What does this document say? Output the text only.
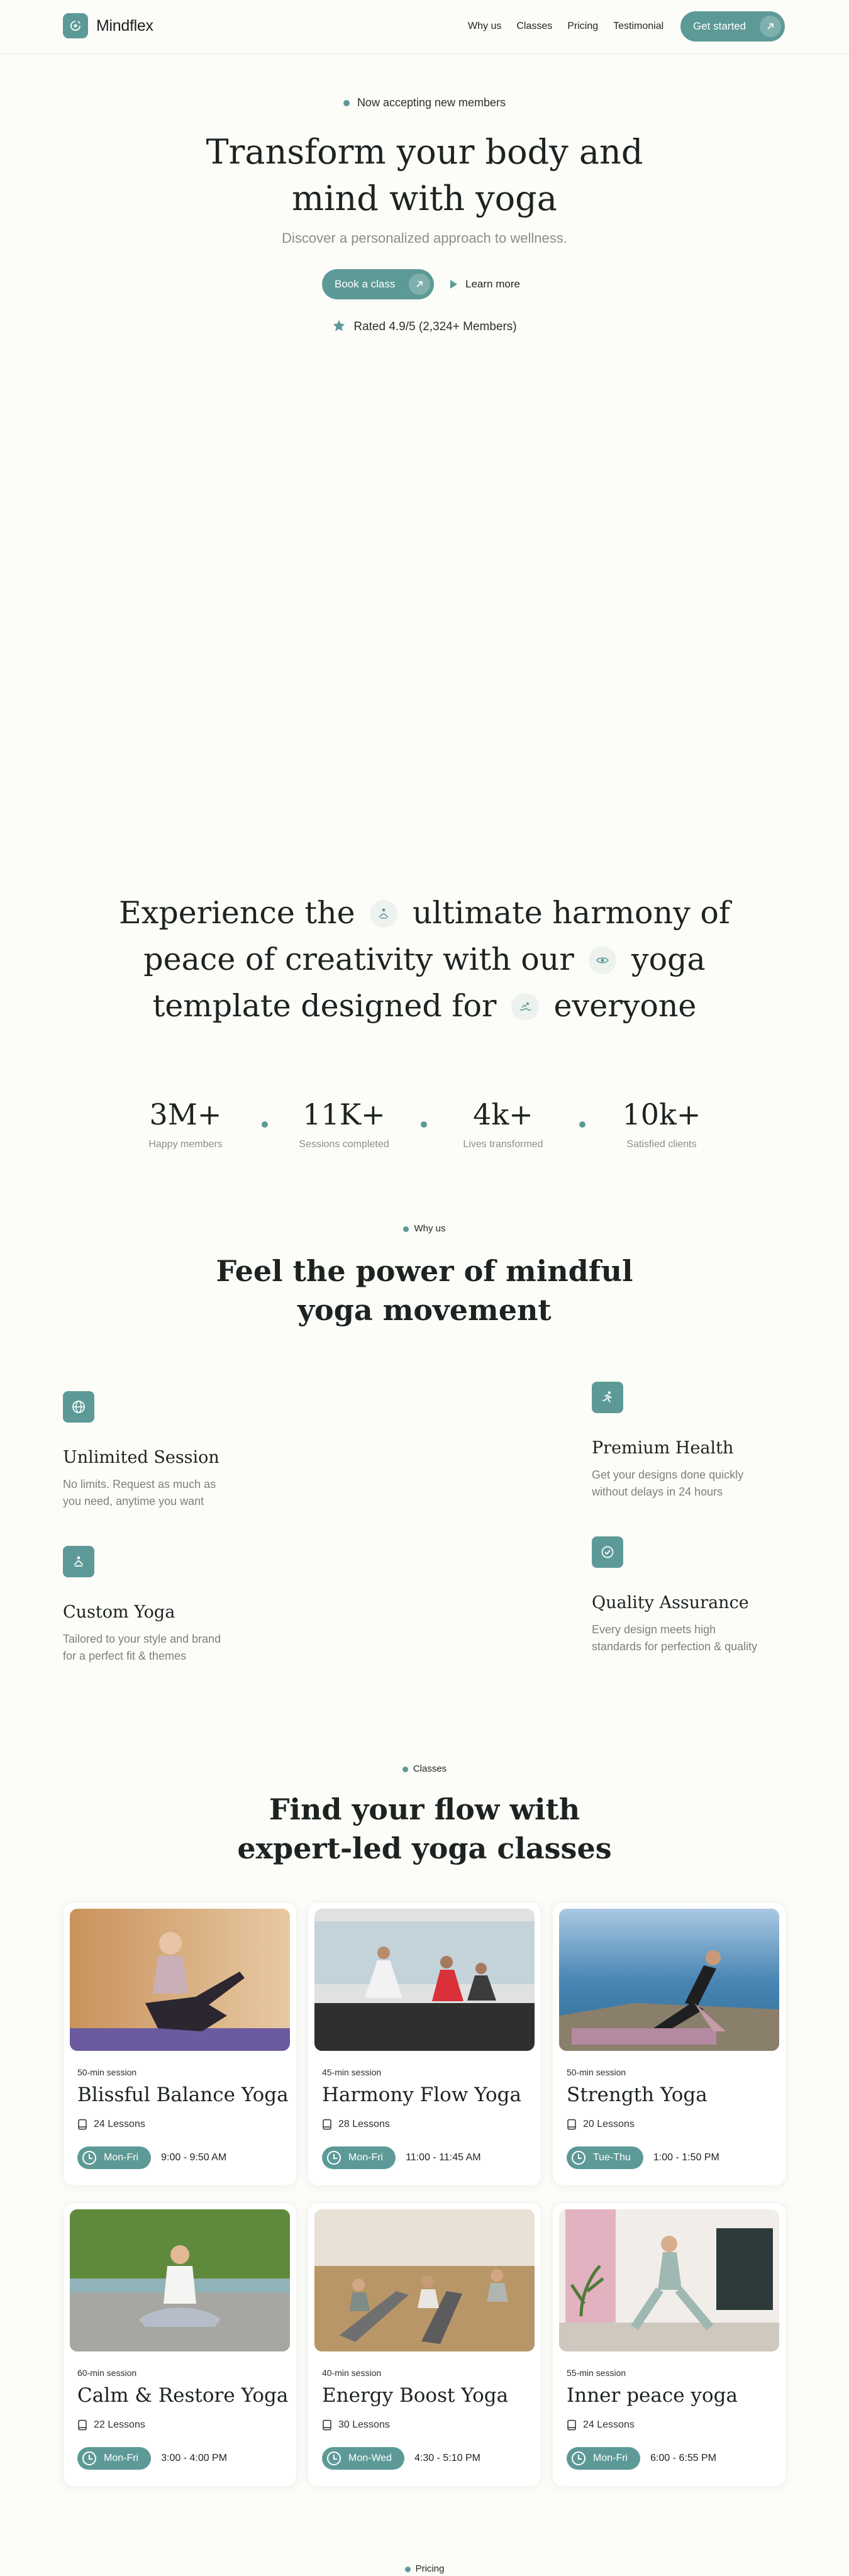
Mindflex	Why us Classes Pricing Testimonial	Get started
Now accepting new members
Transform your body and
mind with yoga

Discover a personalized approach to wellness.

Book a class	Learn more
Rated 4.9/5 (2,324+ Members)
Experience the ultimate harmony of
peace of creativity with our yoga
template designed for everyone
3M+
Happy members
11K+
Sessions completed
4k+
Lives transformed
10k+
Satisfied clients
Why us
Feel the power of mindful
yoga movement
Unlimited Session
No limits. Request as much as you need, anytime you want
Custom Yoga
Tailored to your style and brand for a perfect fit & themes
Premium Health
Get your designs done quickly without delays in 24 hours
Quality Assurance
Every design meets high standards for perfection & quality
Classes
Find your flow with
expert-led yoga classes
50-min session
Blissful Balance Yoga
24 Lessons
Mon-Fri 9:00 - 9:50 AM
45-min session
Harmony Flow Yoga
28 Lessons
Mon-Fri 11:00 - 11:45 AM
50-min session
Strength Yoga
20 Lessons
Tue-Thu 1:00 - 1:50 PM
60-min session
Calm & Restore Yoga
22 Lessons
Mon-Fri 3:00 - 4:00 PM
40-min session
Energy Boost Yoga
30 Lessons
Mon-Wed 4:30 - 5:10 PM
55-min session
Inner peace yoga
24 Lessons
Mon-Fri 6:00 - 6:55 PM
Pricing
